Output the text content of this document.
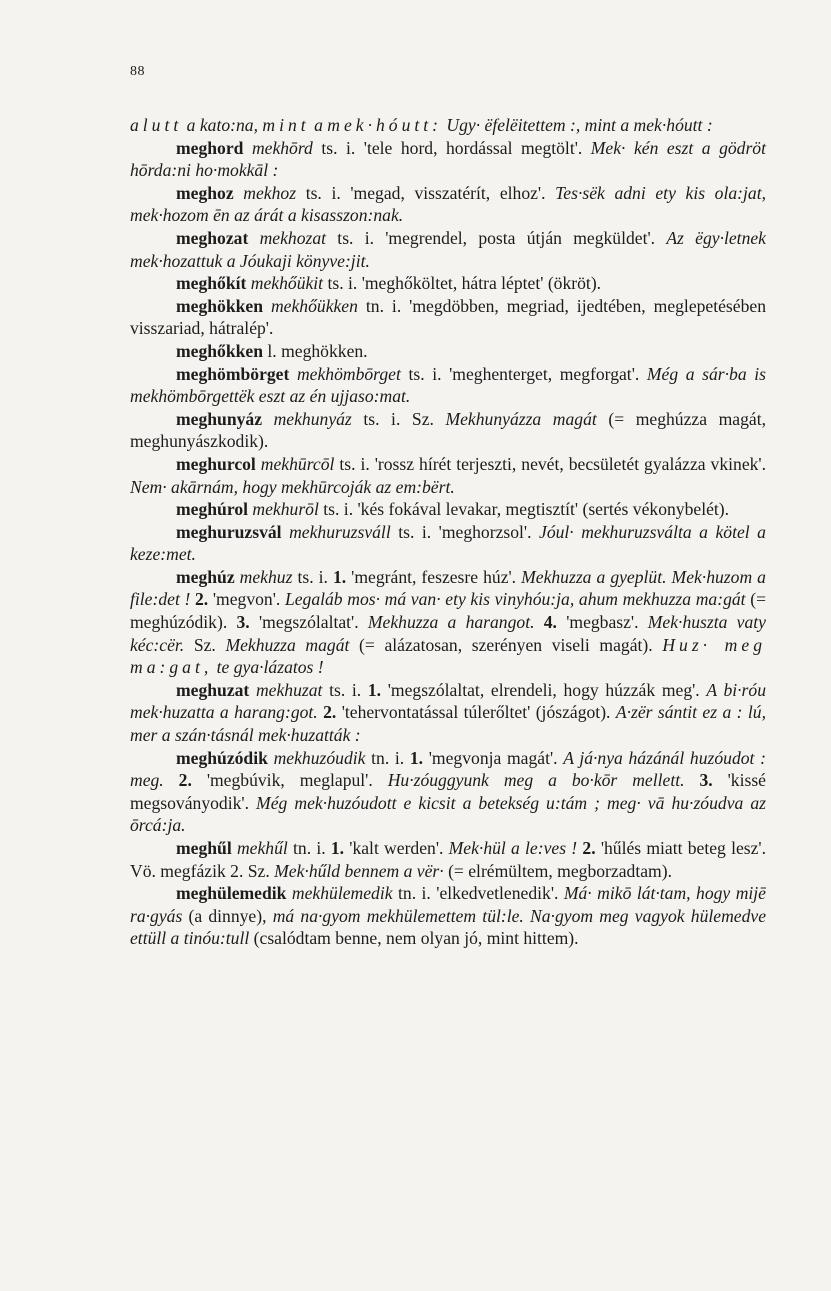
88

alutt a kato:na, mint a mek·hóutt: Ugy· ëfelëitettem :, mint a mek·hóutt :

meghord mekhōrd ts. i. 'tele hord, hordással megtölt'. Mek· kén eszt a gödröt hōrda:ni ho·mokkāl :

meghoz mekhoz ts. i. 'megad, visszatérít, elhoz'. Tes·sëk adni ety kis ola:jat, mek·hozom ēn az árát a kisasszon:nak.

meghozat mekhozat ts. i. 'megrendel, posta útján megküldet'. Az ëgy·letnek mek·hozattuk a Jóukaji könyve:jit.

meghőkít mekhőükit ts. i. 'meghőköltet, hátra léptet' (ökröt).

meghökken mekhőükken tn. i. 'megdöbben, megriad, ijedtében, meglepetésében visszariad, hátralép'.

meghőkken l. meghökken.

meghömbörget mekhömbōrget ts. i. 'meghenterget, megforgat'. Még a sár·ba is mekhömbōrgettëk eszt az én ujjaso:mat.

meghunyáz mekhunyáz ts. i. Sz. Mekhunyázza magát (= meghúzza magát, meghunyászkodik).

meghurcol mekhūrcōl ts. i. 'rossz hírét terjeszti, nevét, becsületét gyalázza vkinek'. Nem· akārnám, hogy mekhūrcoják az em:bërt.

meghúrol mekhurōl ts. i. 'kés fokával levakar, megtisztít' (sertés vékonybelét).

meghuruzsvál mekhuruzsváll ts. i. 'meghorzsol'. Jóul· mekhuruzsválta a kötel a keze:met.

meghúz mekhuz ts. i. 1. 'megránt, feszesre húz'. Mekhuzza a gyeplüt. Mek·huzom a file:det ! 2. 'megvon'. Legaláb mos· má van· ety kis vinyhóu:ja, ahum mekhuzza ma:gát (= meghúzódik). 3. 'megszólaltat'. Mekhuzza a harangot. 4. 'megbasz'. Mek·huszta vaty kéc:cër. Sz. Mekhuzza magát (= alázatosan, szerényen viseli magát). Huz· meg ma:gat, te gya·lázatos !

meghuzat mekhuzat ts. i. 1. 'megszólaltat, elrendeli, hogy húzzák meg'. A bi·róu mek·huzatta a harang:got. 2. 'tehervontatással túlerőltet' (jószágot). A·zër sántit ez a : lú, mer a szán·tásnál mek·huzatták :

meghúzódik mekhuzóudik tn. i. 1. 'megvonja magát'. A já·nya házánál huzóudot : meg. 2. 'megbúvik, meglapul'. Hu·zóuggyunk meg a bo·kōr mellett. 3. 'kissé megsoványodik'. Még mek·huzóudott e kicsit a betekség u:tám ; meg· vā hu·zóudva az ōrcá:ja.

meghűl mekhűl tn. i. 1. 'kalt werden'. Mek·hül a le:ves ! 2. 'hűlés miatt beteg lesz'. Vö. megfázik 2. Sz. Mek·hűld bennem a vër· (= elrémültem, megborzadtam).

meghülemedik mekhülemedik tn. i. 'elkedvetlenedik'. Má· mikō lát·tam, hogy mijē ra·gyás (a dinnye), má na·gyom mekhülemettem tül:le. Na·gyom meg vagyok hülemedve ettüll a tinóu:tull (csalódtam benne, nem olyan jó, mint hittem).
